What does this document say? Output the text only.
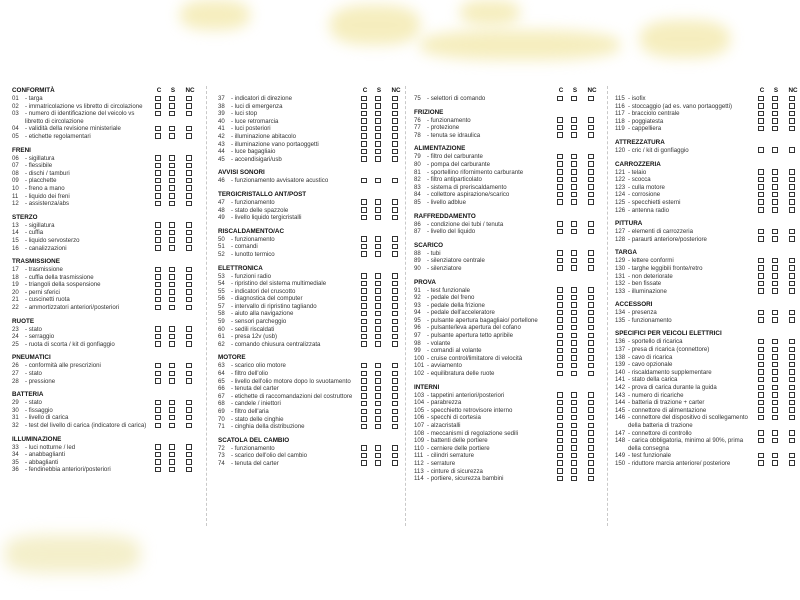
CONFORMITÀ	C	S	NC
01	- targa
02	- immatricolazione vs libretto di circolazione
03	- numero di identificazione del veicolo vs libretto di circolazione
04	- validità della revisione ministeriale
05	- etichette regolamentari
FRENI
06	- sigillatura
07	- flessibile
08	- dischi / tamburi
09	- placchette
10	- freno a mano
11	- liquido dei freni
12	- assistenza/abs
STERZO
13	- sigillatura
14	- cuffia
15	- liquido servosterzo
16	- canalizzazioni
TRASMISSIONE
17	- trasmissione
18	- cuffia della trasmissione
19	- triangoli della sospensione
20	- perni sferici
21	- cuscinetti ruota
22	- ammortizzatori anteriori/posteriori
RUOTE
23	- stato
24	- serraggio
25	- ruota di scorta / kit di gonfiaggio
PNEUMATICI
26	- conformità alle prescrizioni
27	- stato
28	- pressione
BATTERIA
29	- stato
30	- fissaggio
31	- livello di carica
32	- test del livello di carica (indicatore di carica)
ILLUMINAZIONE
33	- luci notturne / led
34	- anabbaglianti
35	- abbaglianti
36	- fendinebbia anteriori/posteriori
C	S	NC
37	- indicatori di direzione
38	- luci di emergenza
39	- luci stop
40	- luce retromarcia
41	- luci posteriori
42	- illuminazione abitacolo
43	- illuminazione vano portaoggetti
44	- luce bagagliaio
45	- accendisigari/usb
AVVISI SONORI
46	- funzionamento avvisatore acustico
TERGICRISTALLO ANT/POST
47	- funzionamento
48	- stato delle spazzole
49	- livello liquido tergicristalli
RISCALDAMENTO/AC
50	- funzionamento
51	- comandi
52	- lunotto termico
ELETTRONICA
53	- funzioni radio
54	- ripristino del sistema multimediale
55	- indicatori del cruscotto
56	- diagnostica del computer
57	- intervallo di ripristino tagliando
58	- aiuto alla navigazione
59	- sensori parcheggio
60	- sedili riscaldati
61	- presa 12v (usb)
62	- comando chiusura centralizzata
MOTORE
63	- scarico olio motore
64	- filtro dell'olio
65	- livello dell'olio motore dopo lo svuotamento
66	- tenuta del carter
67	- etichette di raccomandazioni del costruttore
68	- candele / iniettori
69	- filtro dell'aria
70	- stato delle cinghie
71	- cinghia della distribuzione
SCATOLA DEL CAMBIO
72	- funzionamento
73	- scarico dell'olio del cambio
74	- tenuta del carter
C	S	NC
75	- selettori di comando
FRIZIONE
76	- funzionamento
77	- protezione
78	- tenuta se idraulica
ALIMENTAZIONE
79	- filtro del carburante
80	- pompa del carburante
81	- sportellino rifornimento carburante
82	- filtro antiparticolato
83	- sistema di preriscaldamento
84	- collettore aspirazione/scarico
85	- livello adblue
RAFFREDDAMENTO
86	- condizione dei tubi / tenuta
87	- livello del liquido
SCARICO
88	- tubi
89	- silenziatore centrale
90	- silenziatore
PROVA
91	- test funzionale
92	- pedale del freno
93	- pedale della frizione
94	- pedale dell'acceleratore
95	- pulsante apertura bagagliaio/ portellone
96	- pulsante/leva apertura del cofano
97	- pulsante apertura tetto apribile
98	- volante
99	- comandi al volante
100 - cruise control/limitatore di velocità
101 - avviamento
102 - equilibratura delle ruote
INTERNI
103 - tappetini anteriori/posteriori
104 - parabrezza
105 - specchietto retrovisore interno
106 - specchi di cortesia
107 - alzacristalli
108 - meccanismi di regolazione sedili
109 - battenti delle portiere
110 - cerniere delle portiere
111 - cilindri serrature
112 - serrature
113 - cinture di sicurezza
114 - portiere, sicurezza bambini
C	S	NC
115 - isofix
116 - stoccaggio (ad es. vano portaoggetti)
117 - bracciolo centrale
118 - poggiatesta
119 - cappelliera
ATTREZZATURA
120 - cric / kit di gonfiaggio
CARROZZERIA
121 - telaio
122 - scocca
123 - culla motore
124 - corrosione
125 - specchietti esterni
126 - antenna radio
PITTURA
127 - elementi di carrozzeria
128 - paraurti anteriore/posteriore
TARGA
129 - lettere conformi
130 - targhe leggibili fronte/retro
131 - non deteriorate
132 - ben fissate
133 - illuminazione
ACCESSORI
134 - presenza
135 - funzionamento
SPECIFICI PER VEICOLI ELETTRICI
136 - sportello di ricarica
137 - presa di ricarica (connettore)
138 - cavo di ricarica
139 - cavo opzionale
140 - riscaldamento supplementare
141 - stato della carica
142 - prova di carica durante la guida
143 - numero di ricariche
144 - batteria di trazione + carter
145 - connettore di alimentazione
146 - connettore del dispositivo di scollegamento della batteria di trazione
147 - connettore di controllo
148 - carica obbligatoria, minimo al 90%, prima della consegna
149 - test funzionale
150 - riduttore marcia anteriore/ posteriore
